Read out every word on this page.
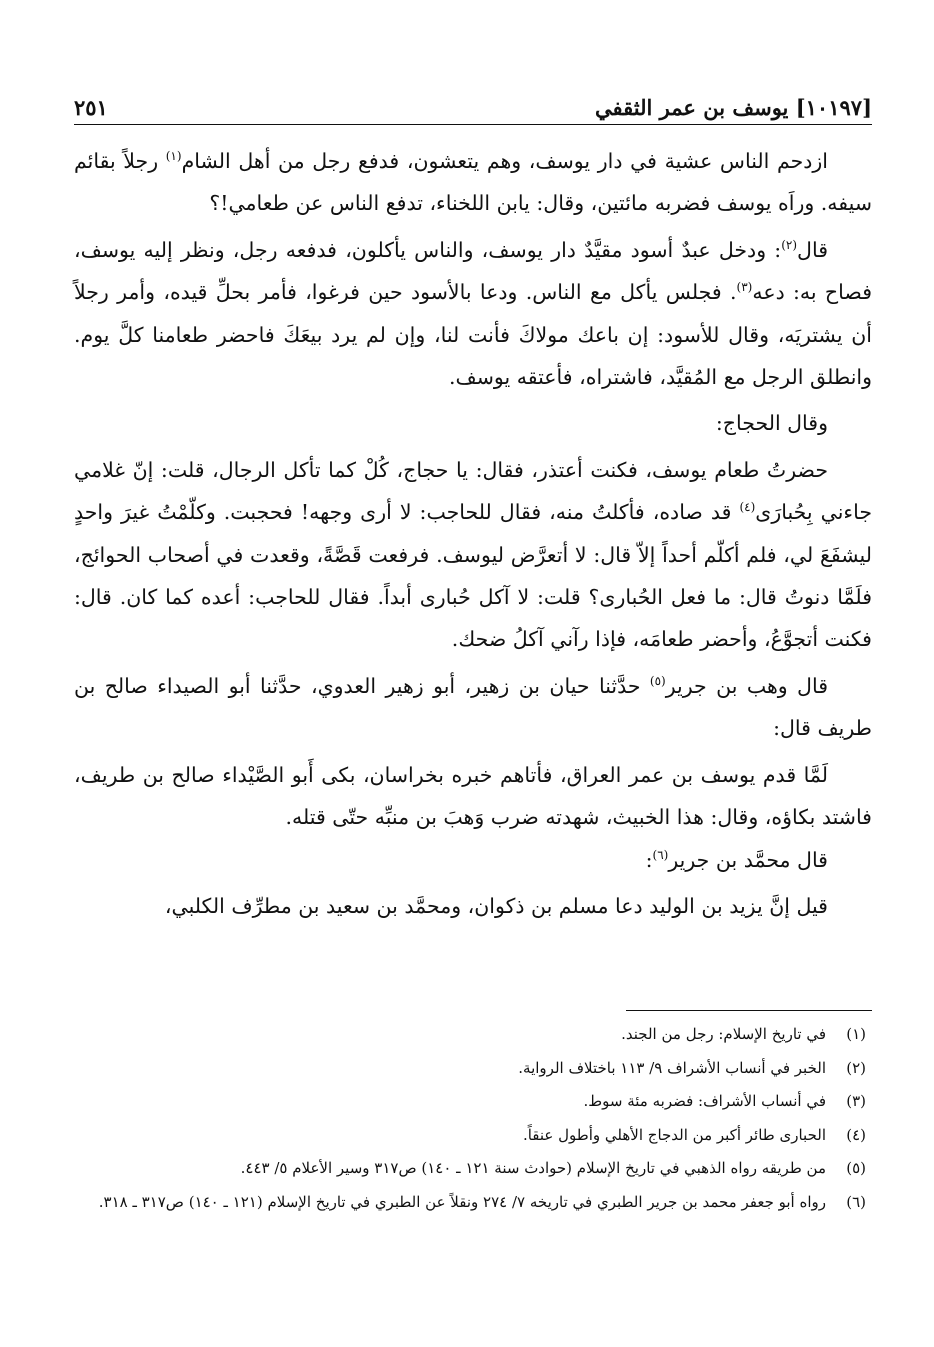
[١٠١٩٧] يوسف بن عمر الثقفي
٢٥١

ازدحم الناس عشية في دار يوسف، وهم يتعشون، فدفع رجل من أهل الشام$^{(١)}$ رجلاً بقائم سيفه. وراَه يوسف فضربه مائتين، وقال: يابن اللخناء، تدفع الناس عن طعامي!؟

قال$^{(٢)}$: ودخل عبدٌ أسود مقيَّدٌ دار يوسف، والناس يأكلون، فدفعه رجل، ونظر إليه يوسف، فصاح به: دعه$^{(٣)}$. فجلس يأكل مع الناس. ودعا بالأسود حين فرغوا، فأمر بحلِّ قيده، وأمر رجلاً أن يشتريَه، وقال للأسود: إن باعك مولاكَ فأنت لنا، وإن لم يرد بيعَكَ فاحضر طعامنا كلَّ يوم. وانطلق الرجل مع المُقيَّد، فاشتراه، فأعتقه يوسف.

وقال الحجاج:

حضرتُ طعام يوسف، فكنت أعتذر، فقال: يا حجاج، كُلْ كما تأكل الرجال، قلت: إنّ غلامي جاءني بِحُبارَى$^{(٤)}$ قد صاده، فأكلتُ منه، فقال للحاجب: لا أرى وجهه! فحجبت. وكلّمْتُ غيرَ واحدٍ ليشفَعَ لي، فلم أكلّم أحداً إلاّ قال: لا أتعرَّض ليوسف. فرفعت قَصَّةً، وقعدت في أصحاب الحوائج، فلَمَّا دنوتُ قال: ما فعل الحُبارى؟ قلت: لا آكل حُبارى أبداً. فقال للحاجب: أعده كما كان. قال: فكنت أتجوَّعُ، وأحضر طعامَه، فإذا رآني آكلُ ضحك.

قال وهب بن جرير$^{(٥)}$ حدَّثنا حيان بن زهير، أبو زهير العدوي، حدَّثنا أبو الصيداء صالح بن طريف قال:

لَمَّا قدم يوسف بن عمر العراق، فأتاهم خبره بخراسان، بكى أَبو الصَّيْداء صالح بن طريف، فاشتد بكاؤه، وقال: هذا الخبيث، شهدته ضرب وَهبَ بن منبِّه حتّى قتله.

قال محمَّد بن جرير$^{(٦)}$:

قيل إنَّ يزيد بن الوليد دعا مسلم بن ذكوان، ومحمَّد بن سعيد بن مطرِّف الكلبي،

(١)
في تاريخ الإسلام: رجل من الجند.
(٢)
الخبر في أنساب الأشراف ٩/ ١١٣ باختلاف الرواية.
(٣)
في أنساب الأشراف: فضربه مئة سوط.
(٤)
الحبارى طائر أكبر من الدجاج الأهلي وأطول عنقاً.
(٥)
من طريقه رواه الذهبي في تاريخ الإسلام (حوادث سنة ١٢١ ـ ١٤٠) ص٣١٧ وسير الأعلام ٥/ ٤٤٣.
(٦)
رواه أبو جعفر محمد بن جرير الطبري في تاريخه ٧/ ٢٧٤ ونقلاً عن الطبري في تاريخ الإسلام (١٢١ ـ ١٤٠) ص٣١٧ ـ ٣١٨.
